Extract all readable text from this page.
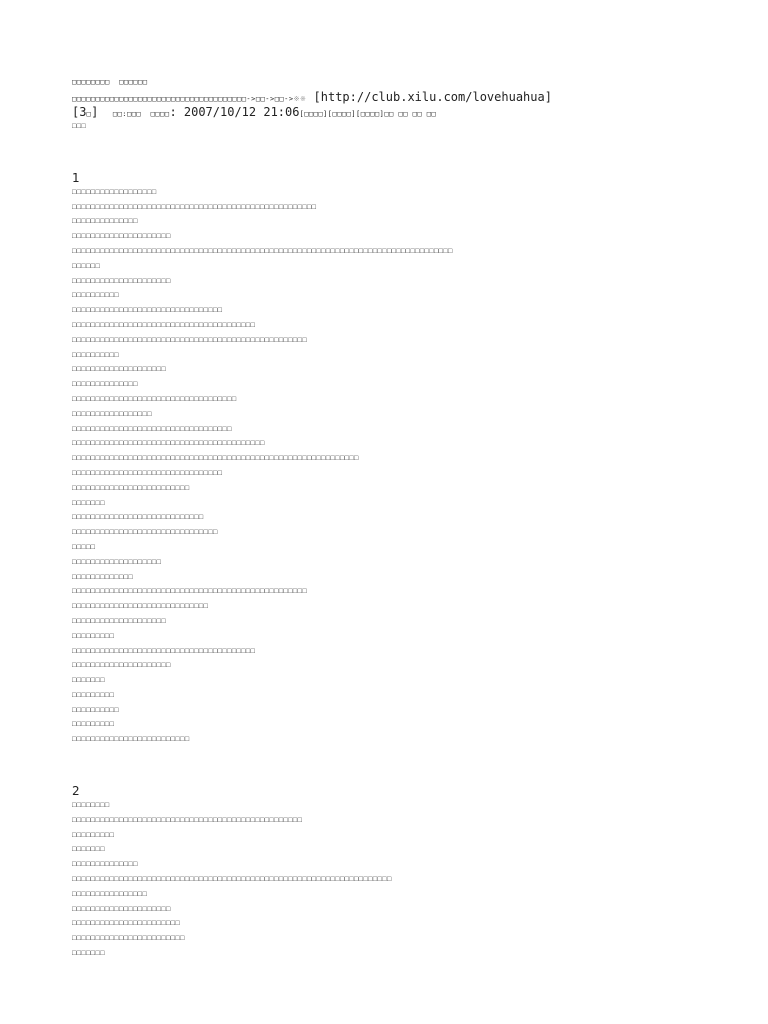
□□□□□□□□  □□□□□□
□□□□□□□□□□□□□□□□□□□□□□□□□□□□□□□□□□□□□->□□->□□->※※ [http://club.xilu.com/lovehuahua]
[3□]  □□:□□□  □□□□: 2007/10/12 21:06[□□□□][□□□□][□□□□]□□ □□ □□ □□
□□□
1
□□□□□□□□□□□□□□□□□□
□□□□□□□□□□□□□□□□□□□□□□□□□□□□□□□□□□□□□□□□□□□□□□□□□□□□
□□□□□□□□□□□□□□
□□□□□□□□□□□□□□□□□□□□□
□□□□□□□□□□□□□□□□□□□□□□□□□□□□□□□□□□□□□□□□□□□□□□□□□□□□□□□□□□□□□□□□□□□□□□□□□□□□□□□□□
□□□□□□
□□□□□□□□□□□□□□□□□□□□□
□□□□□□□□□□
□□□□□□□□□□□□□□□□□□□□□□□□□□□□□□□□
□□□□□□□□□□□□□□□□□□□□□□□□□□□□□□□□□□□□□□□
□□□□□□□□□□□□□□□□□□□□□□□□□□□□□□□□□□□□□□□□□□□□□□□□□□
□□□□□□□□□□
□□□□□□□□□□□□□□□□□□□□
□□□□□□□□□□□□□□
□□□□□□□□□□□□□□□□□□□□□□□□□□□□□□□□□□□
□□□□□□□□□□□□□□□□□
□□□□□□□□□□□□□□□□□□□□□□□□□□□□□□□□□□
□□□□□□□□□□□□□□□□□□□□□□□□□□□□□□□□□□□□□□□□□
□□□□□□□□□□□□□□□□□□□□□□□□□□□□□□□□□□□□□□□□□□□□□□□□□□□□□□□□□□□□□
□□□□□□□□□□□□□□□□□□□□□□□□□□□□□□□□
□□□□□□□□□□□□□□□□□□□□□□□□□
□□□□□□□
□□□□□□□□□□□□□□□□□□□□□□□□□□□□
□□□□□□□□□□□□□□□□□□□□□□□□□□□□□□□
□□□□□
□□□□□□□□□□□□□□□□□□□
□□□□□□□□□□□□□
□□□□□□□□□□□□□□□□□□□□□□□□□□□□□□□□□□□□□□□□□□□□□□□□□□
□□□□□□□□□□□□□□□□□□□□□□□□□□□□□
□□□□□□□□□□□□□□□□□□□□
□□□□□□□□□
□□□□□□□□□□□□□□□□□□□□□□□□□□□□□□□□□□□□□□□
□□□□□□□□□□□□□□□□□□□□□
□□□□□□□
□□□□□□□□□
□□□□□□□□□□
□□□□□□□□□
□□□□□□□□□□□□□□□□□□□□□□□□□
2
□□□□□□□□
□□□□□□□□□□□□□□□□□□□□□□□□□□□□□□□□□□□□□□□□□□□□□□□□□
□□□□□□□□□
□□□□□□□
□□□□□□□□□□□□□□
□□□□□□□□□□□□□□□□□□□□□□□□□□□□□□□□□□□□□□□□□□□□□□□□□□□□□□□□□□□□□□□□□□□□
□□□□□□□□□□□□□□□□
□□□□□□□□□□□□□□□□□□□□□
□□□□□□□□□□□□□□□□□□□□□□□
□□□□□□□□□□□□□□□□□□□□□□□□
□□□□□□□
